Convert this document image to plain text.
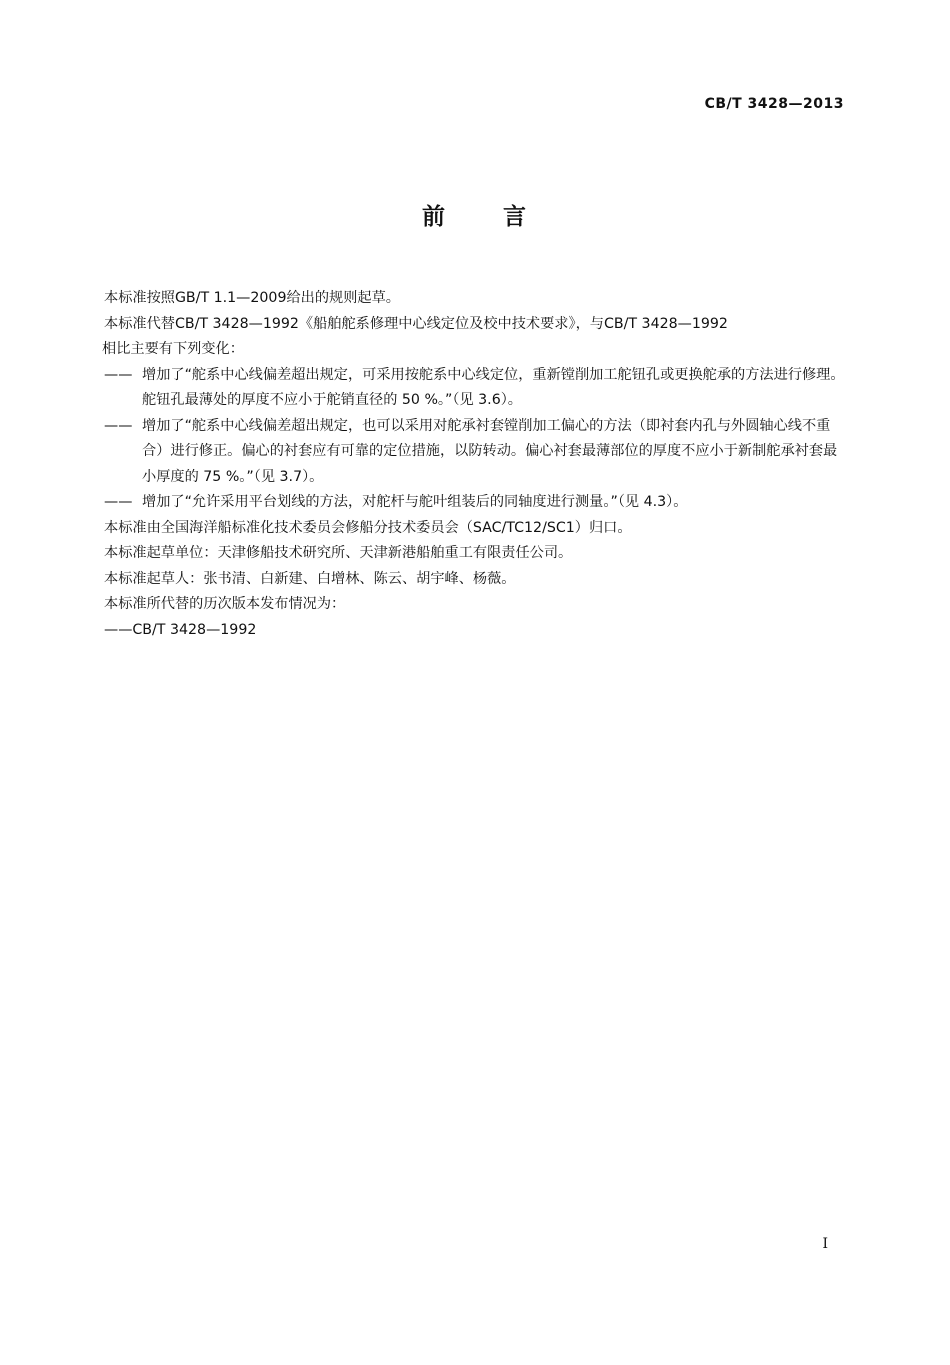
CB/T 3428—2013
前 言

本标准按照GB/T 1.1—2009给出的规则起草。

本标准代替CB/T 3428—1992《船舶舵系修理中心线定位及校中技术要求》，与CB/T 3428—1992

相比主要有下列变化：

—— 增加了“舵系中心线偏差超出规定，可采用按舵系中心线定位，重新镗削加工舵钮孔或更换舵承的方法进行修理。舵钮孔最薄处的厚度不应小于舵销直径的 50 %。”（见 3.6）。
—— 增加了“舵系中心线偏差超出规定，也可以采用对舵承衬套镗削加工偏心的方法（即衬套内孔与外圆轴心线不重合）进行修正。偏心的衬套应有可靠的定位措施，以防转动。偏心衬套最薄部位的厚度不应小于新制舵承衬套最小厚度的 75 %。”（见 3.7）。
—— 增加了“允许采用平台划线的方法，对舵杆与舵叶组装后的同轴度进行测量。”（见 4.3）。

本标准由全国海洋船标准化技术委员会修船分技术委员会（SAC/TC12/SC1）归口。

本标准起草单位：天津修船技术研究所、天津新港船舶重工有限责任公司。

本标准起草人：张书清、白新建、白增林、陈云、胡宇峰、杨薇。

本标准所代替的历次版本发布情况为：

——CB/T 3428—1992

I
